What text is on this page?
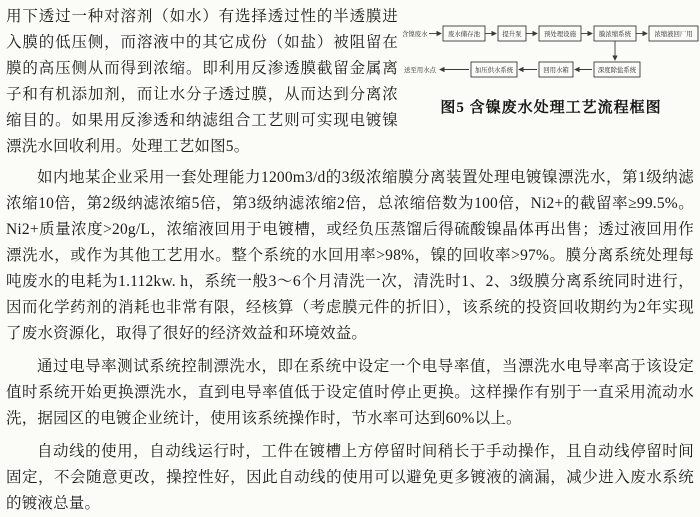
用下透过一种对溶剂（如水）有选择透过性的半透膜进入膜的低压侧，而溶液中的其它成份（如盐）被阻留在膜的高压侧从而得到浓缩。即利用反渗透膜截留金属离子和有机添加剂，而让水分子透过膜，从而达到分离浓缩目的。如果用反渗透和纳滤组合工艺则可实现电镀镍漂洗水回收利用。处理工艺如图5。

含镍废水	废水储存池	提升泵	预处理设施	膜浓缩系统	浓缩液回厂用
送至用水点	加压供水系统	回用水箱	深度除盐系统
图5 含镍废水处理工艺流程框图

如内地某企业采用一套处理能力1200m3/d的3级浓缩膜分离装置处理电镀镍漂洗水，第1级纳滤浓缩10倍，第2级纳滤浓缩5倍，第3级纳滤浓缩2倍，总浓缩倍数为100倍，Ni2+的截留率≥99.5%。Ni2+质量浓度>20g/L，浓缩液回用于电镀槽，或经负压蒸馏后得硫酸镍晶体再出售；透过液回用作漂洗水，或作为其他工艺用水。整个系统的水回用率>98%，镍的回收率>97%。膜分离系统处理每吨废水的电耗为1.112kw. h，系统一般3～6个月清洗一次，清洗时1、2、3级膜分离系统同时进行，因而化学药剂的消耗也非常有限，经核算（考虑膜元件的折旧），该系统的投资回收期约为2年实现了废水资源化，取得了很好的经济效益和环境效益。

通过电导率测试系统控制漂洗水，即在系统中设定一个电导率值，当漂洗水电导率高于该设定值时系统开始更换漂洗水，直到电导率值低于设定值时停止更换。这样操作有别于一直采用流动水洗，据园区的电镀企业统计，使用该系统操作时，节水率可达到60%以上。

自动线的使用，自动线运行时，工件在镀槽上方停留时间稍长于手动操作，且自动线停留时间固定，不会随意更改，操控性好，因此自动线的使用可以避免更多镀液的滴漏，减少进入废水系统的镀液总量。
